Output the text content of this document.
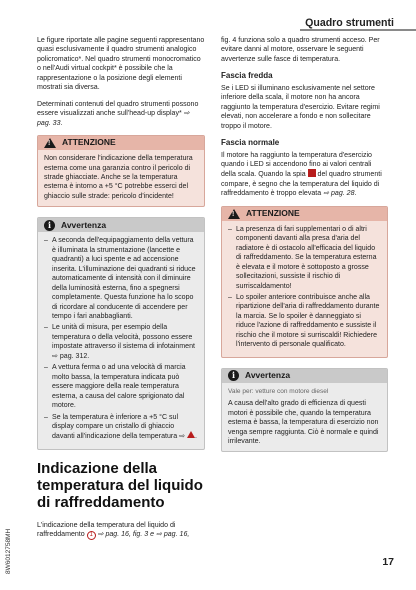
Quadro strumenti

Le figure riportate alle pagine seguenti rappresentano quasi esclusivamente il quadro strumenti analogico policromatico*. Nel quadro strumenti monocromatico o nell'Audi virtual cockpit* è possibile che la rappresentazione o la posizione degli elementi mostrati sia diversa.

Determinati contenuti del quadro strumenti possono essere visualizzati anche sull'head-up display* ⇨ pag. 33.

! ATTENZIONE
Non considerare l'indicazione della temperatura esterna come una garanzia contro il pericolo di strade ghiacciate. Anche se la temperatura esterna è intorno a +5 °C potrebbe esserci del ghiaccio sulle strade: pericolo d'incidente!
i	Avvertenza
– A seconda dell'equipaggiamento della vettura è illuminata la strumentazione (lancette e quadranti) a luci spente e ad accensione inserita. L'illuminazione dei quadranti si riduce automaticamente di intensità con il diminuire della luminosità esterna, fino a spegnersi completamente. Questa funzione ha lo scopo di ricordare al conducente di accendere per tempo i fari anabbaglianti.
– Le unità di misura, per esempio della temperatura o della velocità, possono essere impostate attraverso il sistema di infotainment ⇨ pag. 312.
– A vettura ferma o ad una velocità di marcia molto bassa, la temperatura indicata può essere maggiore della reale temperatura esterna, a causa del calore sprigionato dal motore.
– Se la temperatura è inferiore a +5 °C sul display compare un cristallo di ghiaccio davanti all'indicazione della temperatura ⇨ .
Indicazione della temperatura del liquido di raffreddamento

L'indicazione della temperatura del liquido di raffreddamento 1 ⇨ pag. 16, fig. 3 e ⇨ pag. 16,

fig. 4 funziona solo a quadro strumenti acceso. Per evitare danni al motore, osservare le seguenti avvertenze sulle fasce di temperatura.

Fascia fredda

Se i LED si illuminano esclusivamente nel settore inferiore della scala, il motore non ha ancora raggiunto la temperatura d'esercizio. Evitare regimi elevati, non accelerare a fondo e non sollecitare troppo il motore.

Fascia normale

Il motore ha raggiunto la temperatura d'esercizio quando i LED si accendono fino ai valori centrali della scala. Quando la spia  del quadro strumenti compare, è segno che la temperatura del liquido di raffreddamento è troppo elevata ⇨ pag. 28.

! ATTENZIONE
– La presenza di fari supplementari o di altri componenti davanti alla presa d'aria del radiatore è di ostacolo all'efficacia del liquido di raffreddamento. Se la temperatura esterna è elevata e il motore è sottoposto a grosse sollecitazioni, sussiste il rischio di surriscaldamento!
– Lo spoiler anteriore contribuisce anche alla ripartizione dell'aria di raffreddamento durante la marcia. Se lo spoiler è danneggiato si riduce l'azione di raffreddamento e sussiste il rischio che il motore si surriscaldi! Richiedere l'intervento di personale qualificato.
i	Avvertenza
Vale per: vetture con motore diesel
A causa dell'alto grado di efficienza di questi motori è possibile che, quando la temperatura esterna è bassa, la temperatura di esercizio non venga sempre raggiunta. Ciò è normale e quindi irrilevante.
8W6012758MH	17
